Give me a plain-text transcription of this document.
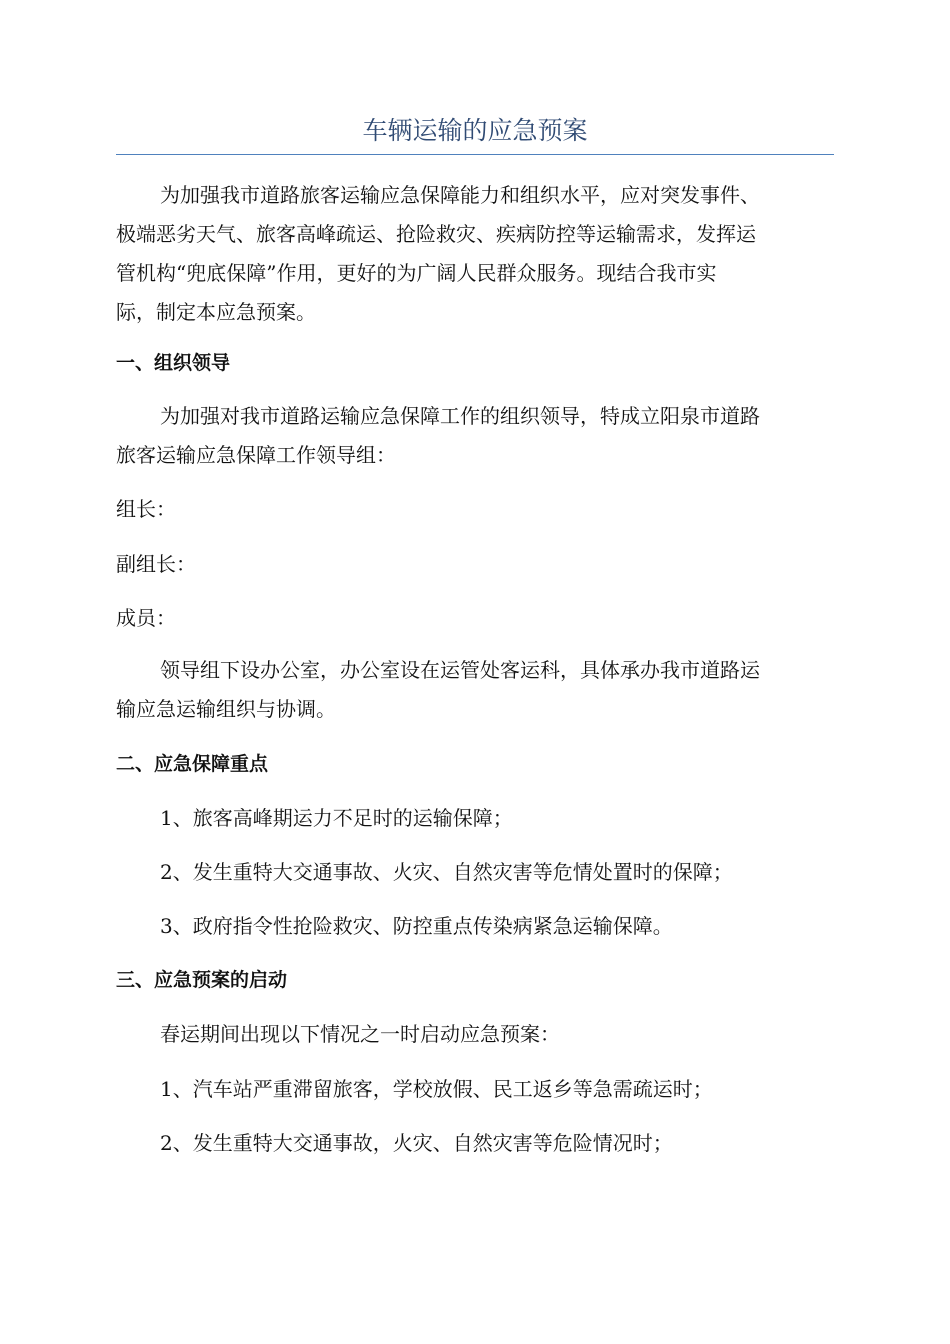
车辆运输的应急预案
为加强我市道路旅客运输应急保障能力和组织水平，应对突发事件、
极端恶劣天气、旅客高峰疏运、抢险救灾、疾病防控等运输需求，发挥运
管机构“兜底保障”作用，更好的为广阔人民群众服务。现结合我市实
际，制定本应急预案。
一、组织领导
为加强对我市道路运输应急保障工作的组织领导，特成立阳泉市道路
旅客运输应急保障工作领导组：
组长：
副组长：
成员：
领导组下设办公室，办公室设在运管处客运科，具体承办我市道路运
输应急运输组织与协调。
二、应急保障重点
1、旅客高峰期运力不足时的运输保障；
2、发生重特大交通事故、火灾、自然灾害等危情处置时的保障；
3、政府指令性抢险救灾、防控重点传染病紧急运输保障。
三、应急预案的启动
春运期间出现以下情况之一时启动应急预案：
1、汽车站严重滞留旅客，学校放假、民工返乡等急需疏运时；
2、发生重特大交通事故，火灾、自然灾害等危险情况时；
